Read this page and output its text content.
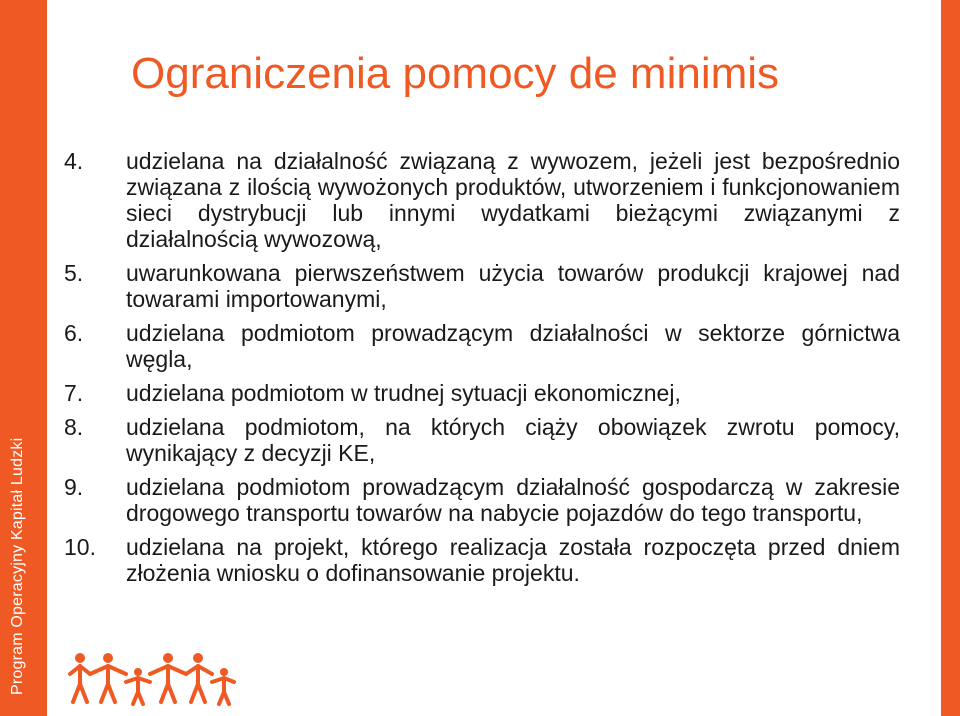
Program Operacyjny Kapitał Ludzki
Ograniczenia pomocy de minimis
4. udzielana na działalność związaną z wywozem, jeżeli jest bezpośrednio związana z ilością wywożonych produktów, utworzeniem i funkcjonowaniem sieci dystrybucji lub innymi wydatkami bieżącymi związanymi z działalnością wywozową,
5. uwarunkowana pierwszeństwem użycia towarów produkcji krajowej nad towarami importowanymi,
6. udzielana podmiotom prowadzącym działalności w sektorze górnictwa węgla,
7. udzielana podmiotom w trudnej sytuacji ekonomicznej,
8. udzielana podmiotom, na których ciąży obowiązek zwrotu pomocy, wynikający z decyzji KE,
9. udzielana podmiotom prowadzącym działalność gospodarczą w zakresie drogowego transportu towarów na nabycie pojazdów do tego transportu,
10. udzielana na projekt, którego realizacja została rozpoczęta przed dniem złożenia wniosku o dofinansowanie projektu.
